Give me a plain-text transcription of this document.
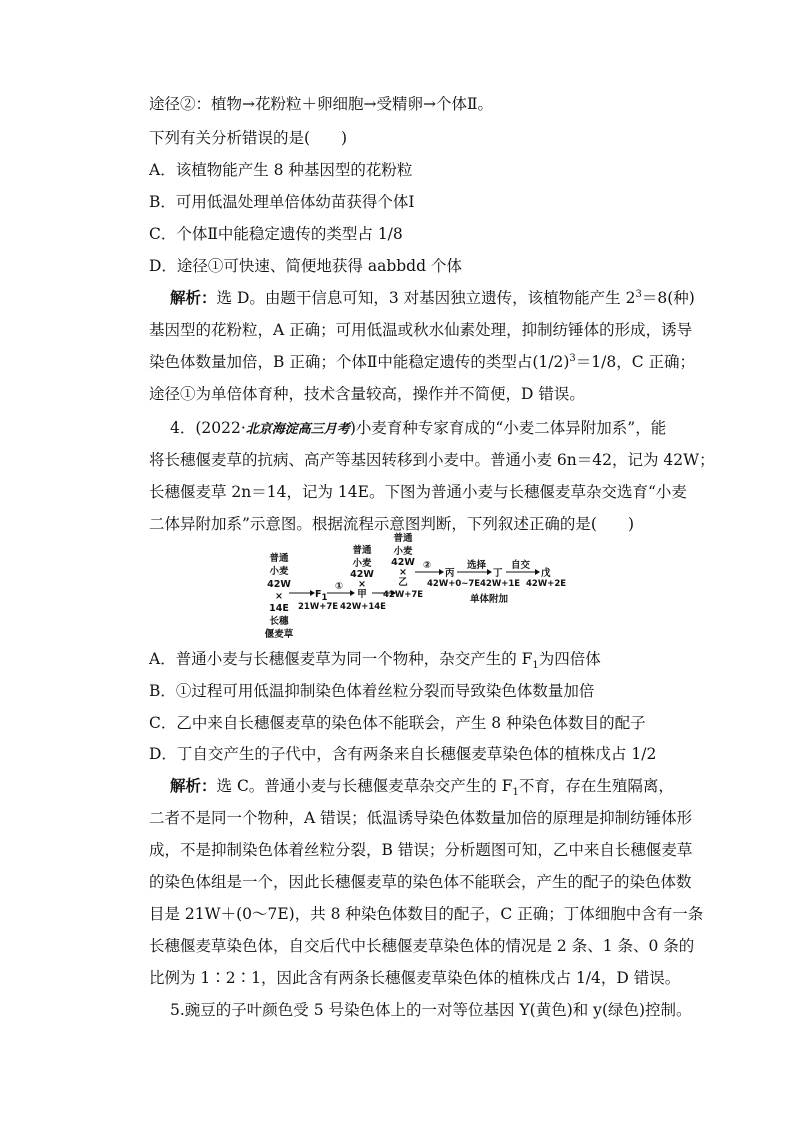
途径②：植物→花粉粒＋卵细胞→受精卵→个体Ⅱ。
下列有关分析错误的是(　　)
A．该植物能产生 8 种基因型的花粉粒
B．可用低温处理单倍体幼苗获得个体Ⅰ
C．个体Ⅱ中能稳定遗传的类型占 1/8
D．途径①可快速、简便地获得 aabbdd 个体
解析：选 D。由题干信息可知，3 对基因独立遗传，该植物能产生 $2^3=8$(种)
基因型的花粉粒，A 正确；可用低温或秋水仙素处理，抑制纺锤体的形成，诱导
染色体数量加倍，B 正确；个体Ⅱ中能稳定遗传的类型占$(1/2)^3=1/8$，C 正确；
途径①为单倍体育种，技术含量较高，操作并不简便，D 错误。
4．(2022·北京海淀高三月考)小麦育种专家育成的“小麦二体异附加系”，能
将长穗偃麦草的抗病、高产等基因转移到小麦中。普通小麦 6n＝42，记为 42W；
长穗偃麦草 2n＝14，记为 14E。下图为普通小麦与长穗偃麦草杂交选育“小麦
二体异附加系”示意图。根据流程示意图判断，下列叙述正确的是(　　)
普通
小麦
42W
×
14E
长穗
偃麦草
F1
21W+7E
①
普通
小麦
42W
×
甲
42W+14E
普通
小麦
42W
×
乙
42W+7E
②
丙
42W+0~7E
选择
丁
42W+1E
自交
戊
42W+2E
单体附加
A．普通小麦与长穗偃麦草为同一个物种，杂交产生的 $F_1$为四倍体
B．①过程可用低温抑制染色体着丝粒分裂而导致染色体数量加倍
C．乙中来自长穗偃麦草的染色体不能联会，产生 8 种染色体数目的配子
D．丁自交产生的子代中，含有两条来自长穗偃麦草染色体的植株戊占 1/2
解析：选 C。普通小麦与长穗偃麦草杂交产生的 $F_1$不育，存在生殖隔离，
二者不是同一个物种，A 错误；低温诱导染色体数量加倍的原理是抑制纺锤体形
成，不是抑制染色体着丝粒分裂，B 错误；分析题图可知，乙中来自长穗偃麦草
的染色体组是一个，因此长穗偃麦草的染色体不能联会，产生的配子的染色体数
目是 21W＋(0～7E)，共 8 种染色体数目的配子，C 正确；丁体细胞中含有一条
长穗偃麦草染色体，自交后代中长穗偃麦草染色体的情况是 2 条、1 条、0 条的
比例为 1∶2∶1，因此含有两条长穗偃麦草染色体的植株戊占 1/4，D 错误。
5.豌豆的子叶颜色受 5 号染色体上的一对等位基因 Y(黄色)和 y(绿色)控制。
